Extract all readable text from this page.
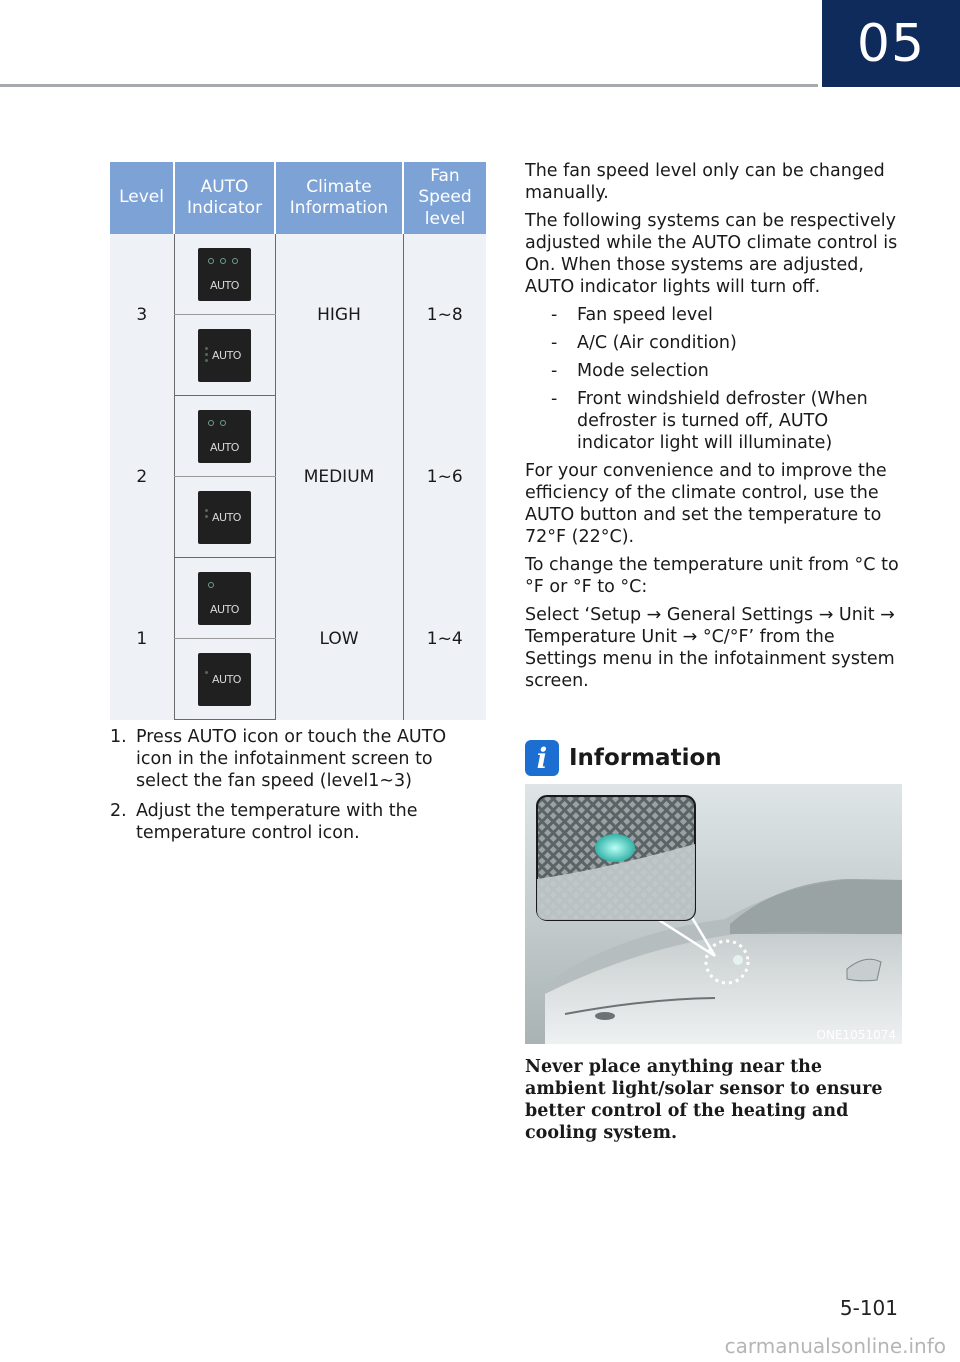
05
Level	AUTO Indicator	Climate Information	Fan Speed level
3	AUTO	HIGH	1~8

	AUTO		

2	AUTO	MEDIUM	1~6

	AUTO		

1	AUTO	LOW	1~4

	AUTO		
1. Press AUTO icon or touch the AUTO icon in the infotainment screen to select the fan speed (level1~3)
2. Adjust the temperature with the temperature control icon.

The fan speed level only can be changed manually.

The following systems can be respectively adjusted while the AUTO climate control is On. When those systems are adjusted, AUTO indicator lights will turn off.

- Fan speed level
- A/C (Air condition)
- Mode selection
- Front windshield defroster (When defroster is turned off, AUTO indicator light will illuminate)

For your convenience and to improve the efficiency of the climate control, use the AUTO button and set the temperature to 72°F (22°C).

To change the temperature unit from °C to °F or °F to °C:

Select ‘Setup → General Settings → Unit → Temperature Unit → °C/°F’ from the Settings menu in the infotainment system screen.

i Information
ONE1051074

Never place anything near the ambient light/solar sensor to ensure better control of the heating and cooling system.

5-101
carmanualsonline.info
